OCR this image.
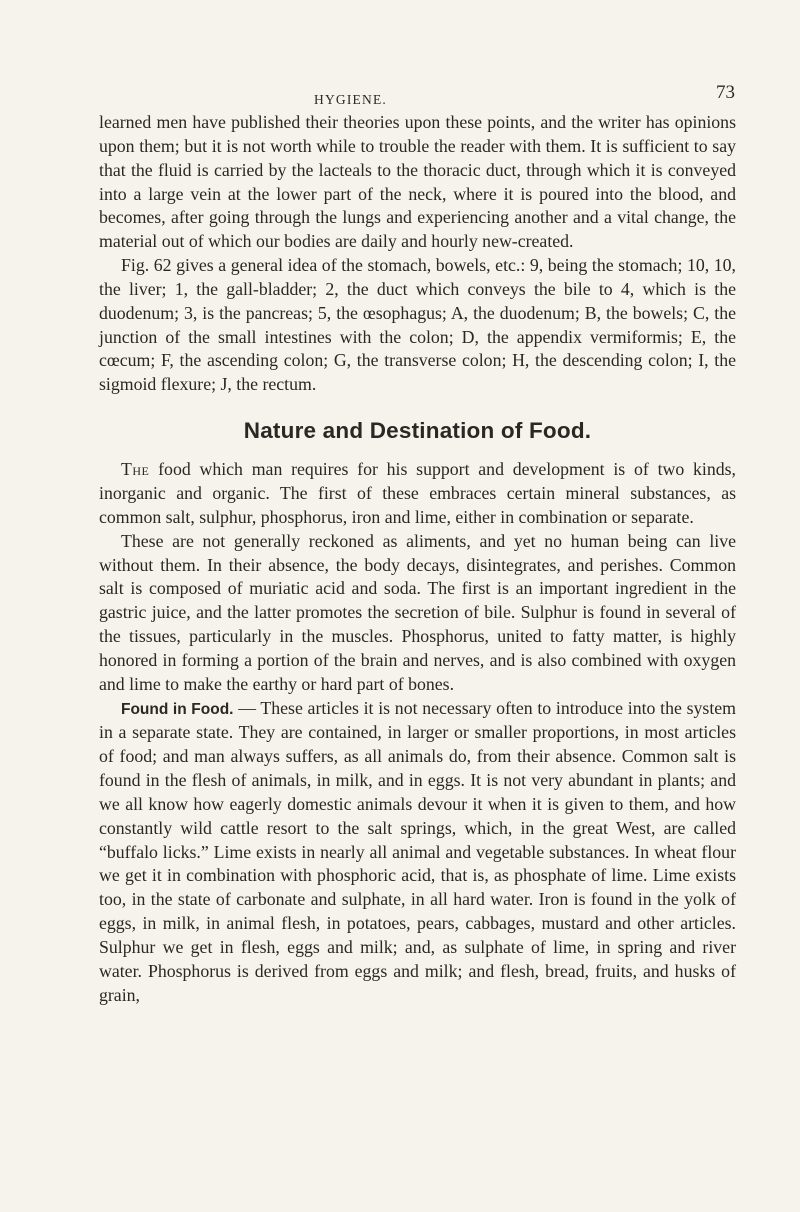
HYGIENE.	73

learned men have published their theories upon these points, and the writer has opinions upon them; but it is not worth while to trouble the reader with them. It is sufficient to say that the fluid is carried by the lacteals to the thoracic duct, through which it is conveyed into a large vein at the lower part of the neck, where it is poured into the blood, and becomes, after going through the lungs and experiencing another and a vital change, the material out of which our bodies are daily and hourly new-created.

Fig. 62 gives a general idea of the stomach, bowels, etc.: 9, being the stomach; 10, 10, the liver; 1, the gall-bladder; 2, the duct which conveys the bile to 4, which is the duodenum; 3, is the pancreas; 5, the œsophagus; A, the duodenum; B, the bowels; C, the junction of the small intestines with the colon; D, the appendix vermiformis; E, the cœcum; F, the ascending colon; G, the transverse colon; H, the descending colon; I, the sigmoid flexure; J, the rectum.

Nature and Destination of Food.

The food which man requires for his support and development is of two kinds, inorganic and organic. The first of these embraces certain mineral substances, as common salt, sulphur, phosphorus, iron and lime, either in combination or separate.

These are not generally reckoned as aliments, and yet no human being can live without them. In their absence, the body decays, disintegrates, and perishes. Common salt is composed of muriatic acid and soda. The first is an important ingredient in the gastric juice, and the latter promotes the secretion of bile. Sulphur is found in several of the tissues, particularly in the muscles. Phosphorus, united to fatty matter, is highly honored in forming a portion of the brain and nerves, and is also combined with oxygen and lime to make the earthy or hard part of bones.

Found in Food. — These articles it is not necessary often to introduce into the system in a separate state. They are contained, in larger or smaller proportions, in most articles of food; and man always suffers, as all animals do, from their absence. Common salt is found in the flesh of animals, in milk, and in eggs. It is not very abundant in plants; and we all know how eagerly domestic animals devour it when it is given to them, and how constantly wild cattle resort to the salt springs, which, in the great West, are called “buffalo licks.” Lime exists in nearly all animal and vegetable substances. In wheat flour we get it in combination with phosphoric acid, that is, as phosphate of lime. Lime exists too, in the state of carbonate and sulphate, in all hard water. Iron is found in the yolk of eggs, in milk, in animal flesh, in potatoes, pears, cabbages, mustard and other articles. Sulphur we get in flesh, eggs and milk; and, as sulphate of lime, in spring and river water. Phosphorus is derived from eggs and milk; and flesh, bread, fruits, and husks of grain,
